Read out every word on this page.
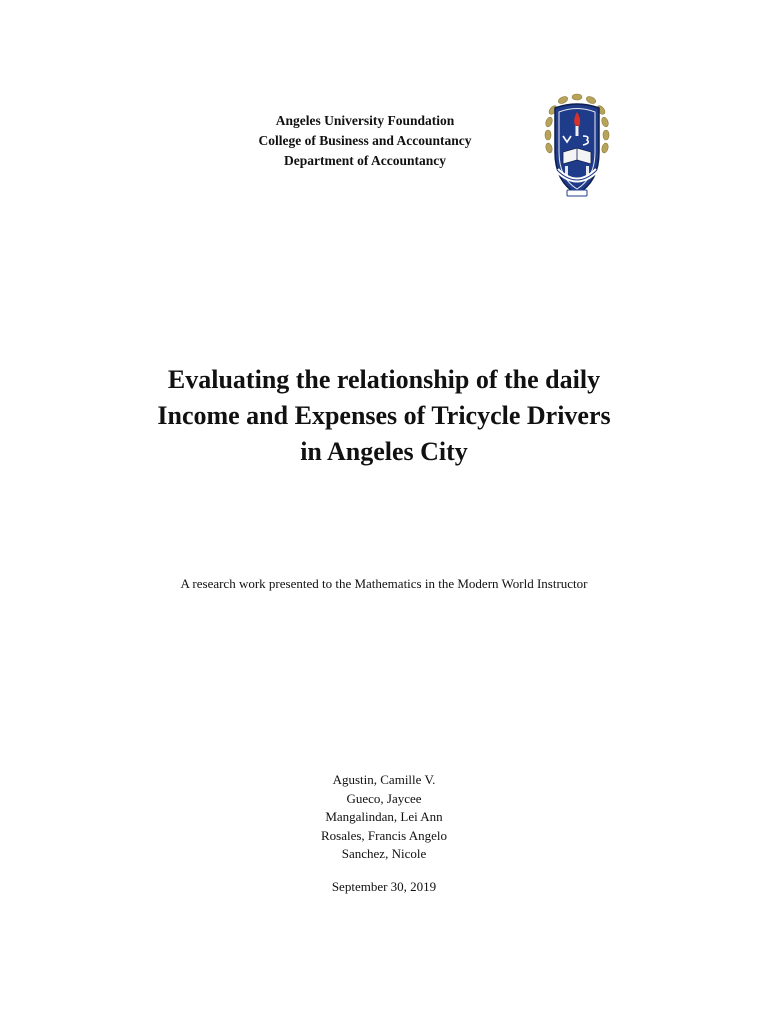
Angeles University Foundation
College of Business and Accountancy
Department of Accountancy
Evaluating the relationship of the daily
Income and Expenses of Tricycle Drivers
in Angeles City
A research work presented to the Mathematics in the Modern World Instructor
Agustin, Camille V.
Gueco, Jaycee
Mangalindan, Lei Ann
Rosales, Francis Angelo
Sanchez, Nicole
September 30, 2019
